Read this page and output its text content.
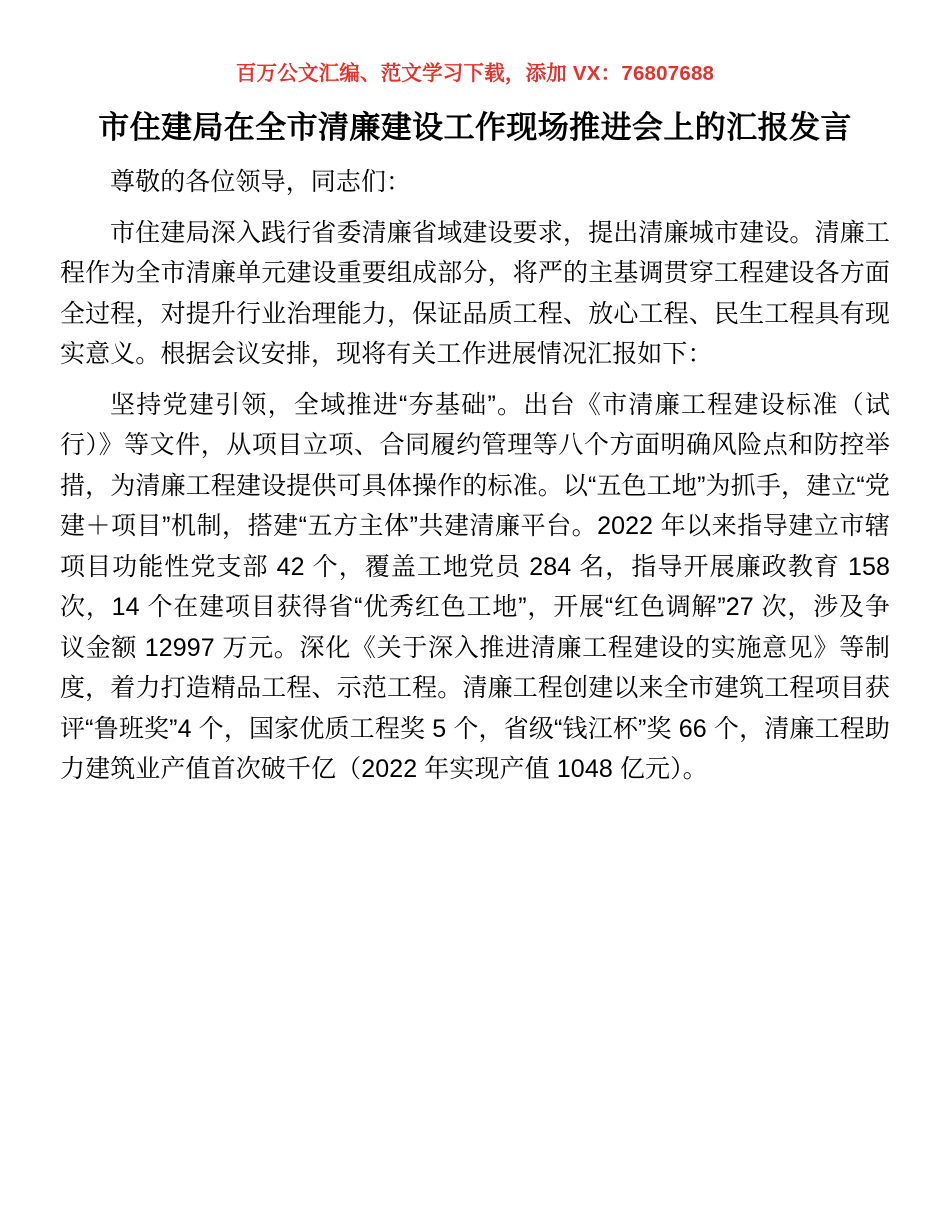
百万公文汇编、范文学习下载，添加 VX：76807688
市住建局在全市清廉建设工作现场推进会上的汇报发言

尊敬的各位领导，同志们：

市住建局深入践行省委清廉省域建设要求，提出清廉城市建设。清廉工程作为全市清廉单元建设重要组成部分，将严的主基调贯穿工程建设各方面全过程，对提升行业治理能力，保证品质工程、放心工程、民生工程具有现实意义。根据会议安排，现将有关工作进展情况汇报如下：

坚持党建引领，全域推进“夯基础”。出台《市清廉工程建设标准（试行）》等文件，从项目立项、合同履约管理等八个方面明确风险点和防控举措，为清廉工程建设提供可具体操作的标准。以“五色工地”为抓手，建立“党建＋项目”机制，搭建“五方主体”共建清廉平台。2022 年以来指导建立市辖项目功能性党支部 42 个，覆盖工地党员 284 名，指导开展廉政教育 158 次，14 个在建项目获得省“优秀红色工地”，开展“红色调解”27 次，涉及争议金额 12997 万元。深化《关于深入推进清廉工程建设的实施意见》等制度，着力打造精品工程、示范工程。清廉工程创建以来全市建筑工程项目获评“鲁班奖”4 个，国家优质工程奖 5 个，省级“钱江杯”奖 66 个，清廉工程助力建筑业产值首次破千亿（2022 年实现产值 1048 亿元）。
